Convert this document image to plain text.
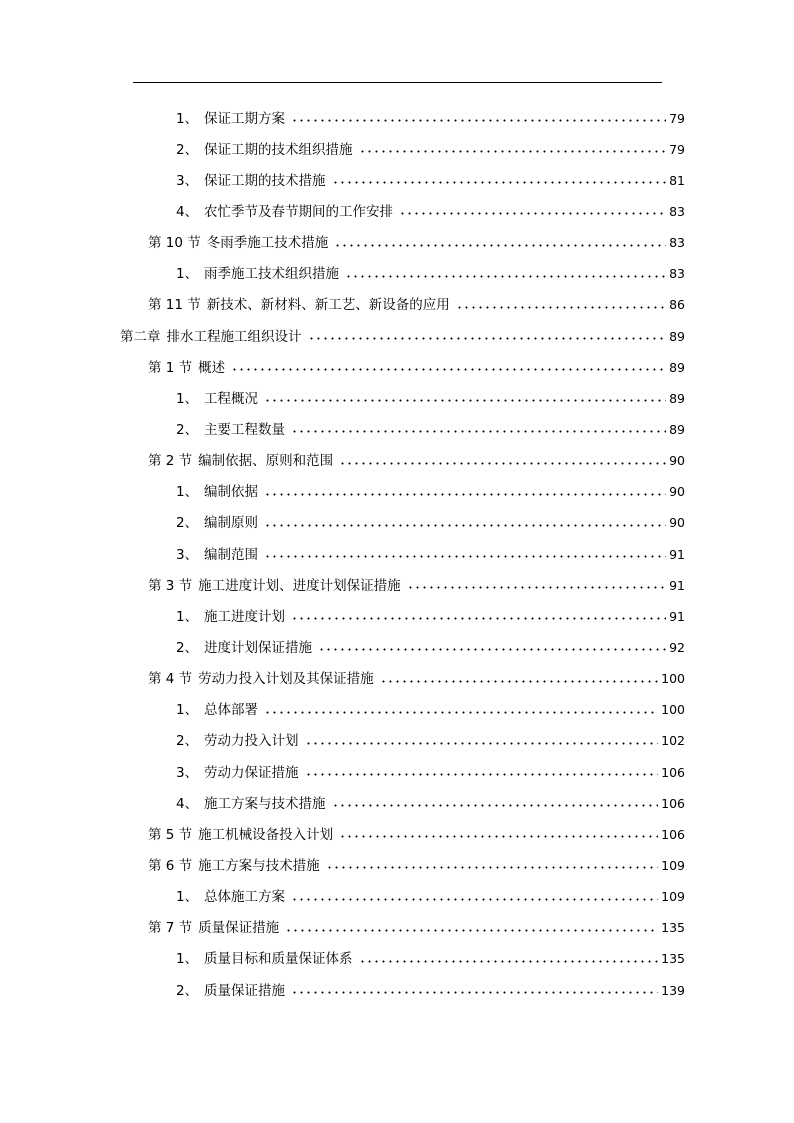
1、 保证工期方案	79
2、 保证工期的技术组织措施	79
3、 保证工期的技术措施	81
4、 农忙季节及春节期间的工作安排	83
第 10 节 冬雨季施工技术措施	83
1、 雨季施工技术组织措施	83
第 11 节 新技术、新材料、新工艺、新设备的应用	86
第二章 排水工程施工组织设计	89
第 1 节 概述	89
1、 工程概况	89
2、 主要工程数量	89
第 2 节 编制依据、原则和范围	90
1、 编制依据	90
2、 编制原则	90
3、 编制范围	91
第 3 节 施工进度计划、进度计划保证措施	91
1、 施工进度计划	91
2、 进度计划保证措施	92
第 4 节 劳动力投入计划及其保证措施	100
1、 总体部署	100
2、 劳动力投入计划	102
3、 劳动力保证措施	106
4、 施工方案与技术措施	106
第 5 节 施工机械设备投入计划	106
第 6 节 施工方案与技术措施	109
1、 总体施工方案	109
第 7 节 质量保证措施	135
1、 质量目标和质量保证体系	135
2、 质量保证措施	139
